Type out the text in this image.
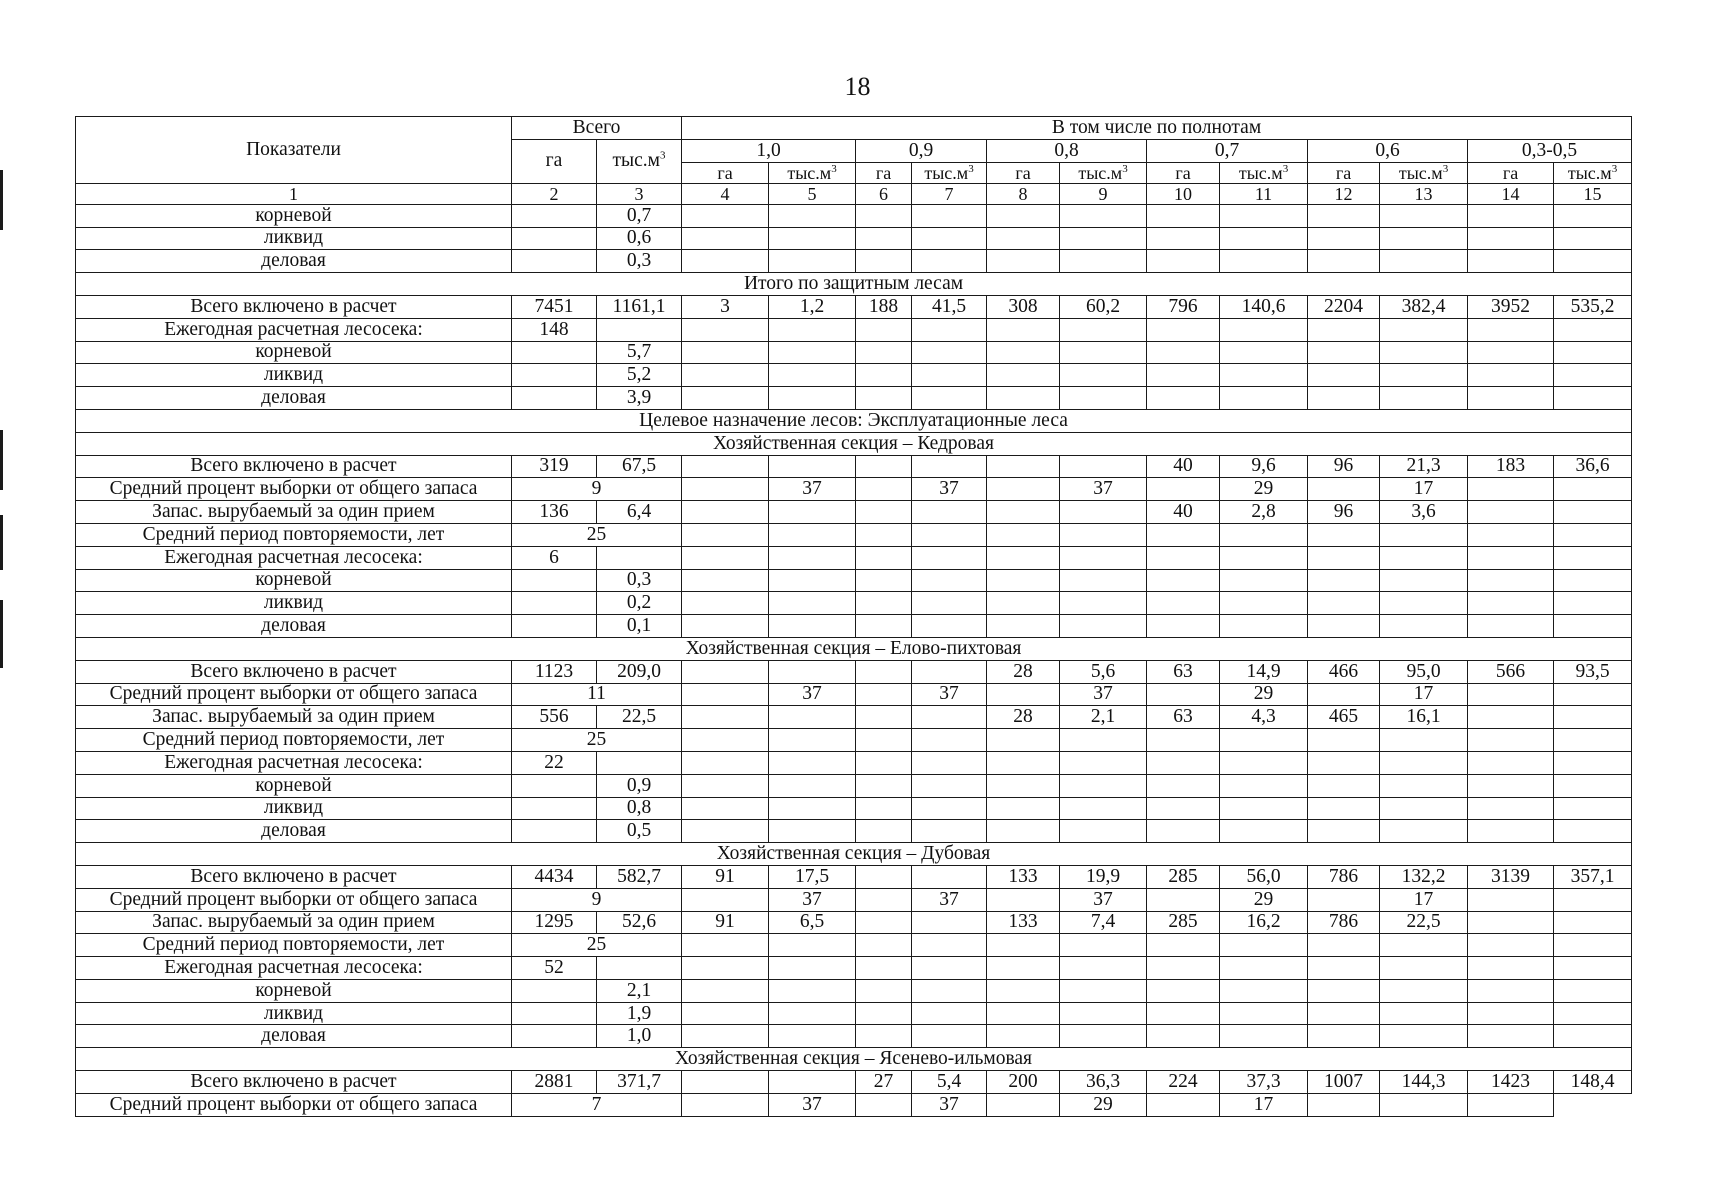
18
Показатели	Всего		В том числе по полнотам											
	га	$тыс.м^3$	1,0		0,9		0,8		0,7		0,6		0,3-0,5	
			га	$тыс.м^3$	га	$тыс.м^3$	га	$тыс.м^3$	га	$тыс.м^3$	га	$тыс.м^3$	га	$тыс.м^3$
1	2	3	4	5	6	7	8	9	10	11	12	13	14	15
корневой		0,7												
ликвид		0,6												
деловая		0,3												
Итого по защитным лесам														
Всего включено в расчет	7451	1161,1	3	1,2	188	41,5	308	60,2	796	140,6	2204	382,4	3952	535,2
Ежегодная расчетная лесосека:	148													
корневой		5,7												
ликвид		5,2												
деловая		3,9												
Целевое назначение лесов: Эксплуатационные леса														
Хозяйственная секция – Кедровая														
Всего включено в расчет	319	67,5							40	9,6	96	21,3	183	36,6
Средний процент выборки от общего запаса	9			37		37		37		29		17		
Запас. вырубаемый за один прием	136	6,4							40	2,8	96	3,6		
Средний период повторяемости, лет	25													
Ежегодная расчетная лесосека:	6													
корневой		0,3												
ликвид		0,2												
деловая		0,1												
Хозяйственная секция – Елово-пихтовая														
Всего включено в расчет	1123	209,0					28	5,6	63	14,9	466	95,0	566	93,5
Средний процент выборки от общего запаса	11			37		37		37		29		17		
Запас. вырубаемый за один прием	556	22,5					28	2,1	63	4,3	465	16,1		
Средний период повторяемости, лет	25													
Ежегодная расчетная лесосека:	22													
корневой		0,9												
ликвид		0,8												
деловая		0,5												
Хозяйственная секция – Дубовая														
Всего включено в расчет	4434	582,7	91	17,5			133	19,9	285	56,0	786	132,2	3139	357,1
Средний процент выборки от общего запаса	9			37		37		37		29		17		
Запас. вырубаемый за один прием	1295	52,6	91	6,5			133	7,4	285	16,2	786	22,5		
Средний период повторяемости, лет	25													
Ежегодная расчетная лесосека:	52													
корневой		2,1												
ликвид		1,9												
деловая		1,0												
Хозяйственная секция – Ясенево-ильмовая														
Всего включено в расчет	2881	371,7			27	5,4	200	36,3	224	37,3	1007	144,3	1423	148,4
Средний процент выборки от общего запаса	7			37		37		29		17				
